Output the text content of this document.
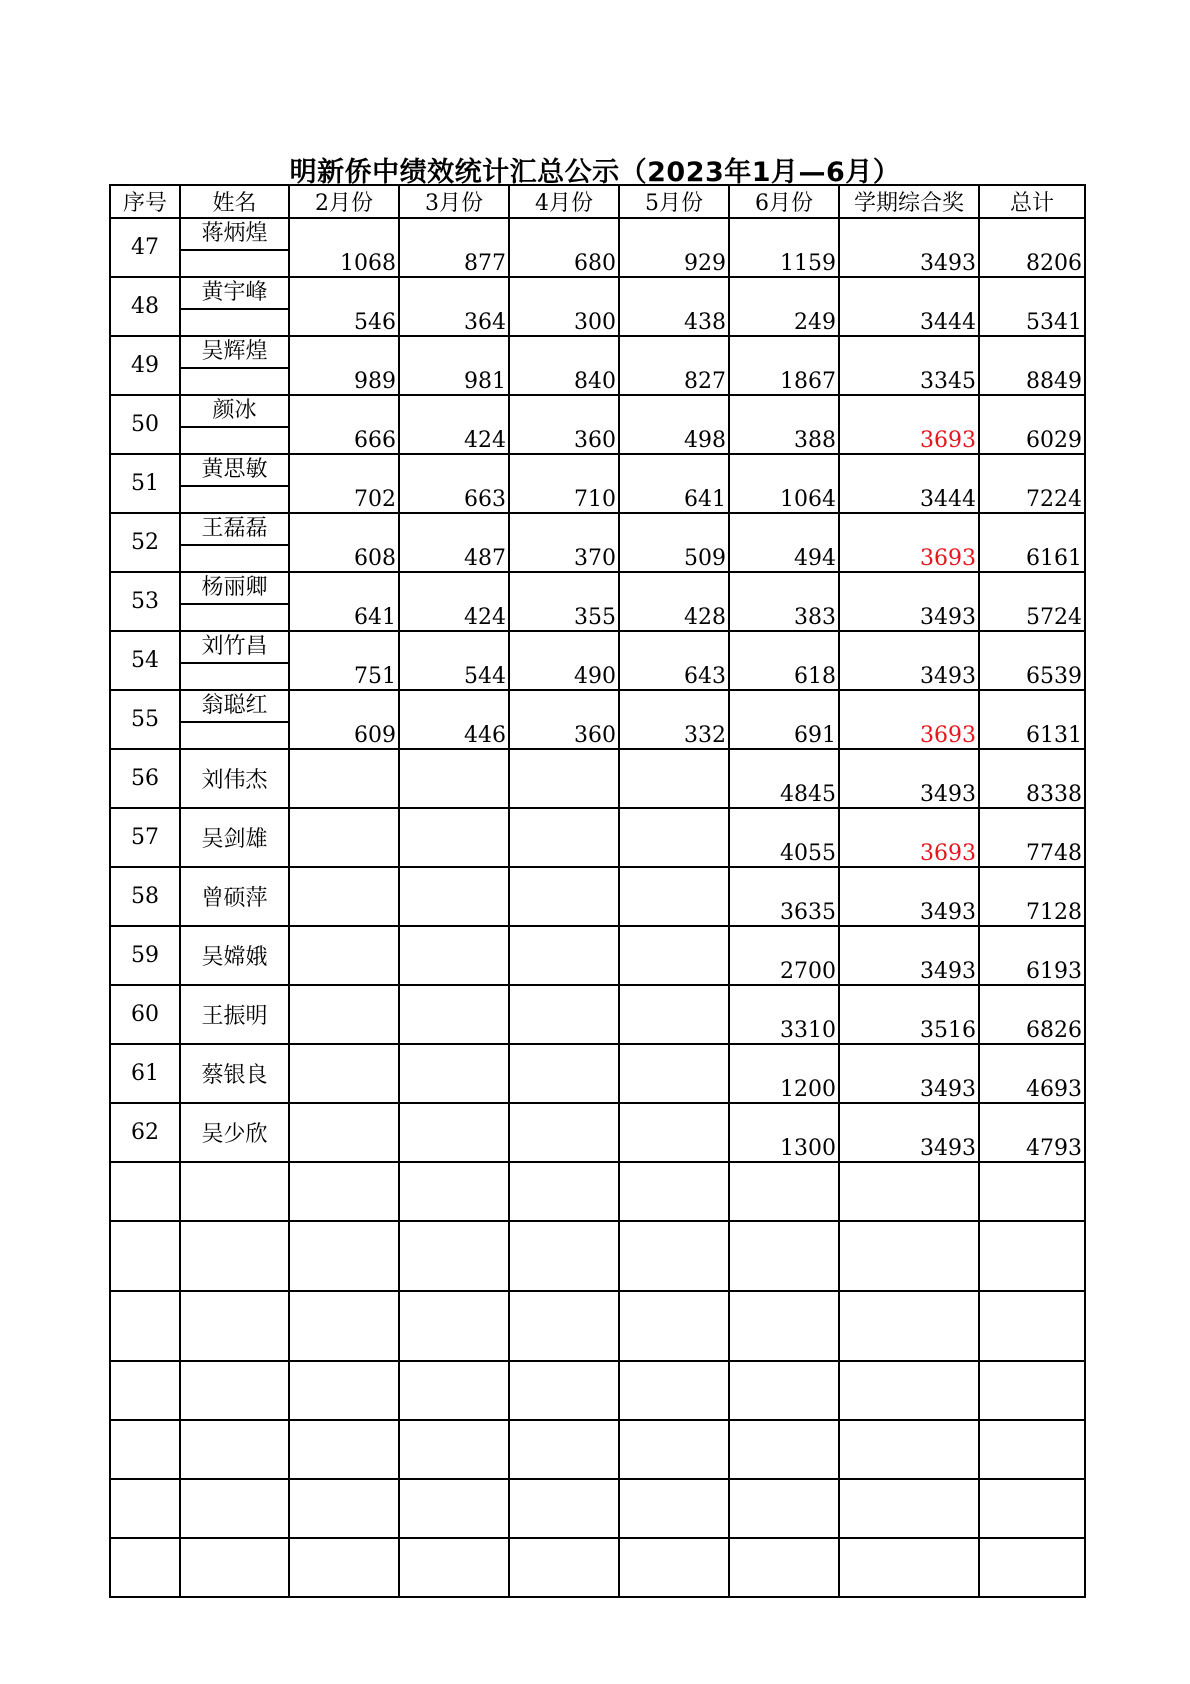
明新侨中绩效统计汇总公示（2023年1月—6月）
序号	姓名	2月份	3月份	4月份	5月份	6月份	学期综合奖	总计
47	蒋炳煌	1068	877	680	929	1159	3493	8206
48	黄宇峰	546	364	300	438	249	3444	5341
49	吴辉煌	989	981	840	827	1867	3345	8849
50	颜冰	666	424	360	498	388	3693	6029
51	黄思敏	702	663	710	641	1064	3444	7224
52	王磊磊	608	487	370	509	494	3693	6161
53	杨丽卿	641	424	355	428	383	3493	5724
54	刘竹昌	751	544	490	643	618	3493	6539
55	翁聪红	609	446	360	332	691	3693	6131
56	刘伟杰					4845	3493	8338
57	吴剑雄					4055	3693	7748
58	曾硕萍					3635	3493	7128
59	吴嫦娥					2700	3493	6193
60	王振明					3310	3516	6826
61	蔡银良					1200	3493	4693
62	吴少欣					1300	3493	4793
